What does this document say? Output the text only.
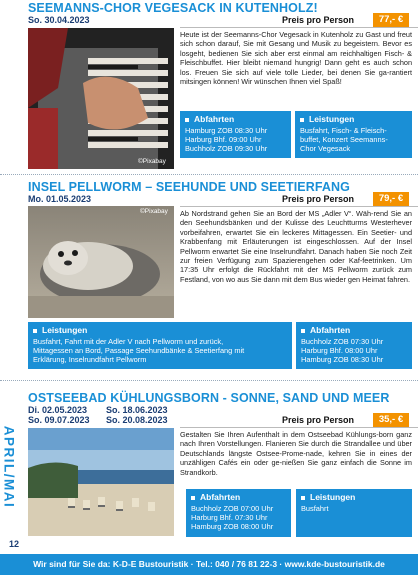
SEEMANNS-CHOR VEGESACK IN KUTENHOLZ!
So. 30.04.2023	Preis pro Person	77,- €
©Pixabay
Heute ist der Seemanns-Chor Vegesack in Kutenholz zu Gast und freut sich schon darauf, Sie mit Gesang und Musik zu begeistern. Bevor es losgeht, bedienen Sie sich aber erst einmal am reichhaltigen Fisch- & Fleischbuffet. Hier bleibt niemand hungrig! Dann geht es auch schon los. Freuen Sie sich auf viele tolle Lieder, bei denen Sie ga-rantiert mitsingen können! Wir wünschen Ihnen viel Spaß!
Abfahrten
Hamburg ZOB 08:30 Uhr
Harburg Bhf. 09:00 Uhr
Buchholz ZOB 09:30 Uhr
Leistungen
Busfahrt, Fisch- & Fleisch-
buffet, Konzert Seemanns-
Chor Vegesack
INSEL PELLWORM – SEEHUNDE UND SEETIERFANG
Mo. 01.05.2023	Preis pro Person	79,- €
©Pixabay Ab Nordstrand gehen Sie an Bord der MS „Adler V“. Wäh-rend Sie an den Seehundsbänken und der Kulisse des Leuchtturms Westerhever vorbeifahren, erwartet Sie ein leckeres Mittagessen. Ein Seetier- und Krabbenfang mit Erläuterungen ist eingeschlossen. Auf der Insel Pellworm erwartet Sie eine Inselrundfahrt. Danach haben Sie noch Zeit zur freien Verfügung zum Spazierengehen oder Kaf-feetrinken. Um 17:35 Uhr erfolgt die Rückfahrt mit der MS Pellworm zurück zum Festland, von wo aus Sie dann mit dem Bus wieder gen Heimat fahren.
Leistungen
Busfahrt, Fahrt mit der Adler V nach Pellworm und zurück,
Mittagessen an Bord, Passage Seehundbänke & Seetierfang mit
Erklärung, Inselrundfahrt Pellworm
Abfahrten
Buchholz ZOB 07:30 Uhr
Harburg Bhf. 08:00 Uhr
Hamburg ZOB 08:30 Uhr
OSTSEEBAD KÜHLUNGSBORN - SONNE, SAND UND MEER
Di. 02.05.2023 So. 18.06.2023
So. 09.07.2023 So. 20.08.2023	Preis pro Person	35,- €
Gestalten Sie Ihren Aufenthalt in dem Ostseebad Kühlungs-born ganz nach Ihren Vorstellungen. Flanieren Sie durch die Strandallee und über Deutschlands längste Ostsee-Prome-nade, kehren Sie in eines der unzähligen Cafés ein oder ge-nießen Sie ganz einfach die Sonne im Strandkorb.
Abfahrten
Buchholz ZOB 07:00 Uhr
Harburg Bhf. 07:30 Uhr
Hamburg ZOB 08:00 Uhr
Leistungen
Busfahrt
APRIL/MAI
12
Wir sind für Sie da: K-D-E Bustouristik · Tel.: 040 / 76 81 22-3 · www.kde-bustouristik.de
